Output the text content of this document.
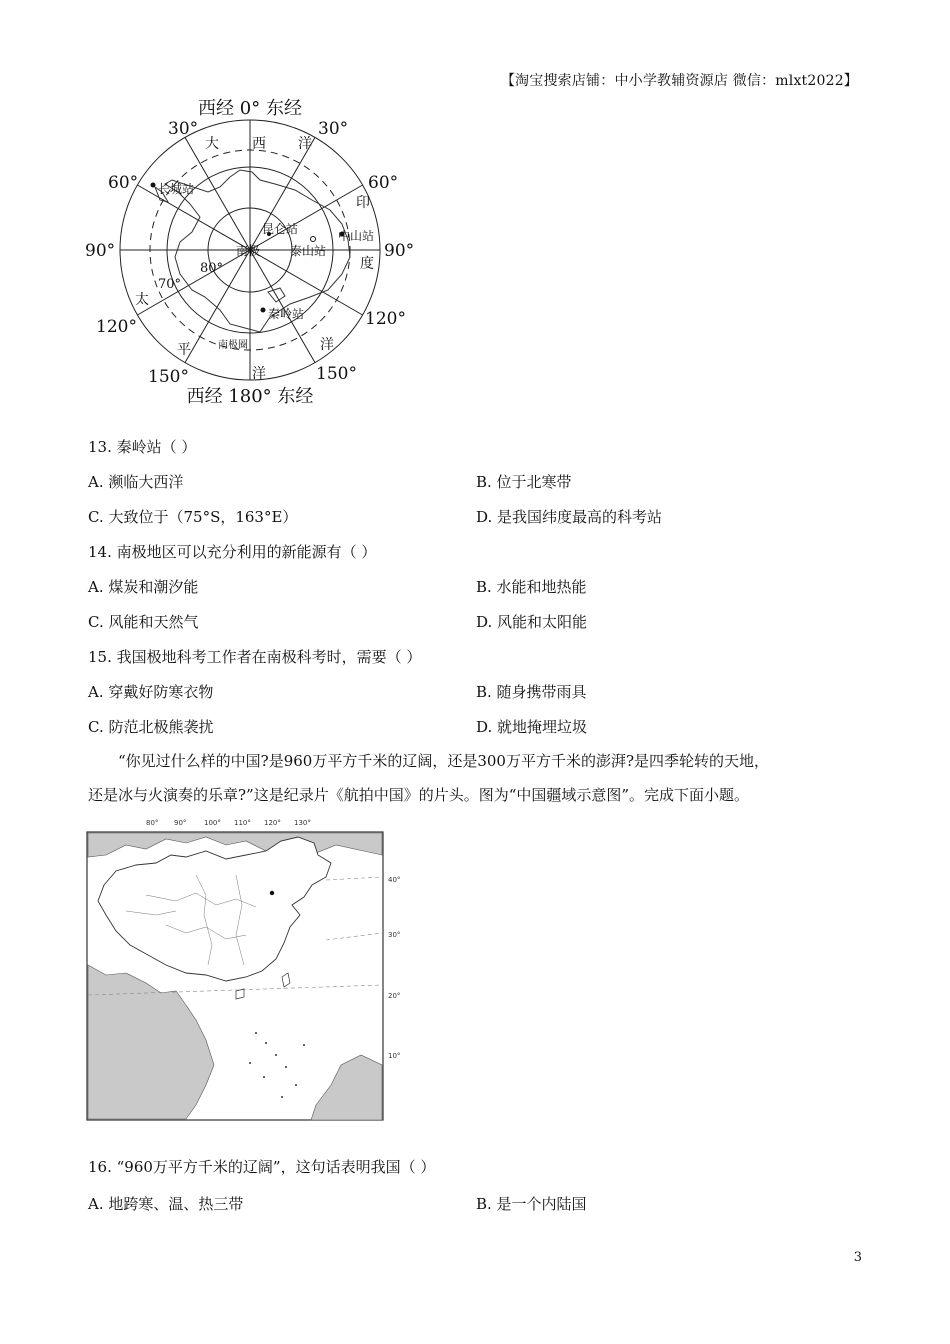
【淘宝搜索店铺：中小学教辅资源店 微信：mlxt2022】
西经 0° 东经
西经 180° 东经
30°	30°
60°	60°
90°	90°
120°	120°
150°	150°
80°
70°
大 西 洋
印
度
太
平
洋
洋
长城站
昆仑站	中山站
泰山站
秦岭站
南极
南极圈
13. 秦岭站（ ）
A. 濒临大西洋	B. 位于北寒带
C. 大致位于（75°S，163°E）	D. 是我国纬度最高的科考站
14. 南极地区可以充分利用的新能源有（ ）
A. 煤炭和潮汐能	B. 水能和地热能
C. 风能和天然气	D. 风能和太阳能
15. 我国极地科考工作者在南极科考时，需要（ ）
A. 穿戴好防寒衣物	B. 随身携带雨具
C. 防范北极熊袭扰	D. 就地掩埋垃圾
“你见过什么样的中国?是960万平方千米的辽阔，还是300万平方千米的澎湃?是四季轮转的天地，
还是冰与火演奏的乐章?”这是纪录片《航拍中国》的片头。图为“中国疆域示意图”。完成下面小题。
80° 90°	100° 110° 120° 130°
40°
30°
20°
10°
16. “960万平方千米的辽阔”，这句话表明我国（ ）
A. 地跨寒、温、热三带	B. 是一个内陆国
3
